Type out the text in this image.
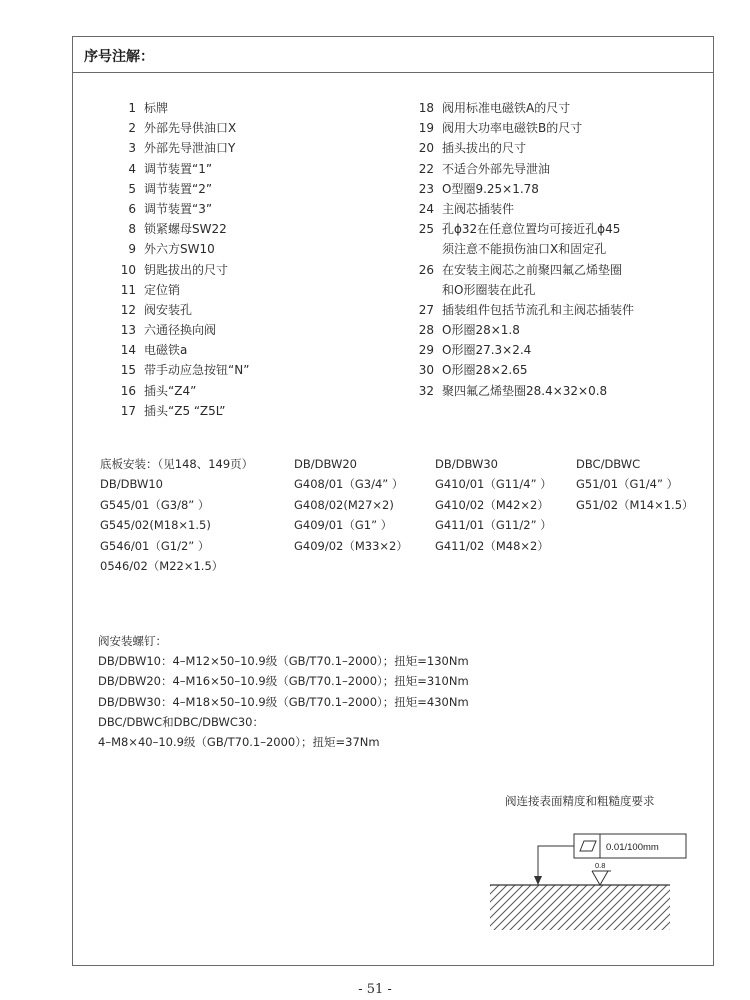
序号注解：
1 标牌
2 外部先导供油口X
3 外部先导泄油口Y
4 调节装置“1”
5 调节装置“2”
6 调节装置“3”
8 锁紧螺母SW22
9 外六方SW10
10 钥匙拔出的尺寸
11 定位销
12 阀安装孔
13 六通径换向阀
14 电磁铁a
15 带手动应急按钮“N”
16 插头“Z4”
17 插头“Z5 “Z5L”
18 阀用标准电磁铁A的尺寸
19 阀用大功率电磁铁B的尺寸
20 插头拔出的尺寸
22 不适合外部先导泄油
23 O型圈9.25×1.78
24 主阀芯插装件
25 孔ϕ32在任意位置均可接近孔ϕ45
须注意不能损伤油口X和固定孔
26 在安装主阀芯之前聚四氟乙烯垫圈
和O形圈装在此孔
27 插装组件包括节流孔和主阀芯插装件
28 O形圈28×1.8
29 O形圈27.3×2.4
30 O形圈28×2.65
32 聚四氟乙烯垫圈28.4×32×0.8
底板安装：（见148、149页）
DB/DBW10
G545/01（G3/8” ）
G545/02(M18×1.5)
G546/01（G1/2” ）
0546/02（M22×1.5）
DB/DBW20
G408/01（G3/4” ）
G408/02(M27×2)
G409/01（G1” ）
G409/02（M33×2）
DB/DBW30
G410/01（G11/4” ）
G410/02（M42×2）
G411/01（G11/2” ）
G411/02（M48×2）
DBC/DBWC
G51/01（G1/4” ）
G51/02（M14×1.5）
阀安装螺钉：
DB/DBW10：4–M12×50–10.9级（GB/T70.1–2000）；扭矩=130Nm
DB/DBW20：4–M16×50–10.9级（GB/T70.1–2000）；扭矩=310Nm
DB/DBW30：4–M18×50–10.9级（GB/T70.1–2000）；扭矩=430Nm
DBC/DBWC和DBC/DBWC30：
4–M8×40–10.9级（GB/T70.1–2000）；扭矩=37Nm
阀连接表面精度和粗糙度要求
0.01/100mm
0.8
- 51 -
